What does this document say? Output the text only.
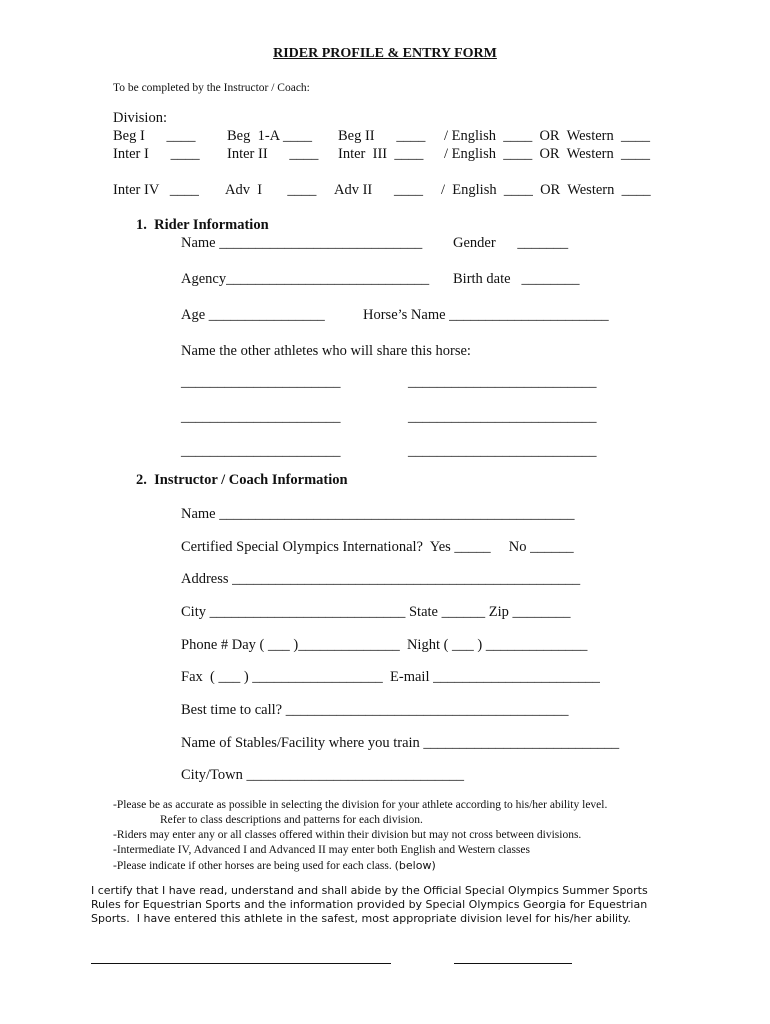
RIDER PROFILE & ENTRY FORM
To be completed by the Instructor / Coach:
Division:
Beg I      ____ Beg  1-A ____ Beg II      ____ / English  ____  OR  Western  ____
Inter I      ____ Inter II      ____ Inter  III  ____ / English  ____  OR  Western  ____
Inter IV   ____ Adv  I       ____ Adv II      ____ /  English  ____  OR  Western  ____
1.  Rider Information
Name ____________________________ Gender      _______
Agency____________________________ Birth date   ________
Age ________________	Horse’s Name ______________________
Name the other athletes who will share this horse:
______________________	__________________________
______________________	__________________________
______________________	__________________________
2.  Instructor / Coach Information
Name _________________________________________________
Certified Special Olympics International?  Yes _____     No ______
Address ________________________________________________
City ___________________________ State ______ Zip ________
Phone # Day ( ___ )______________  Night ( ___ ) ______________
Fax  ( ___ ) __________________  E-mail _______________________
Best time to call? _______________________________________
Name of Stables/Facility where you train ___________________________
City/Town ______________________________
-Please be as accurate as possible in selecting the division for your athlete according to his/her ability level.
Refer to class descriptions and patterns for each division.
-Riders may enter any or all classes offered within their division but may not cross between divisions.
-Intermediate IV, Advanced I and Advanced II may enter both English and Western classes
-Please indicate if other horses are being used for each class. (below)
I certify that I have read, understand and shall abide by the Official Special Olympics Summer Sports
Rules for Equestrian Sports and the information provided by Special Olympics Georgia for Equestrian
Sports.  I have entered this athlete in the safest, most appropriate division level for his/her ability.
